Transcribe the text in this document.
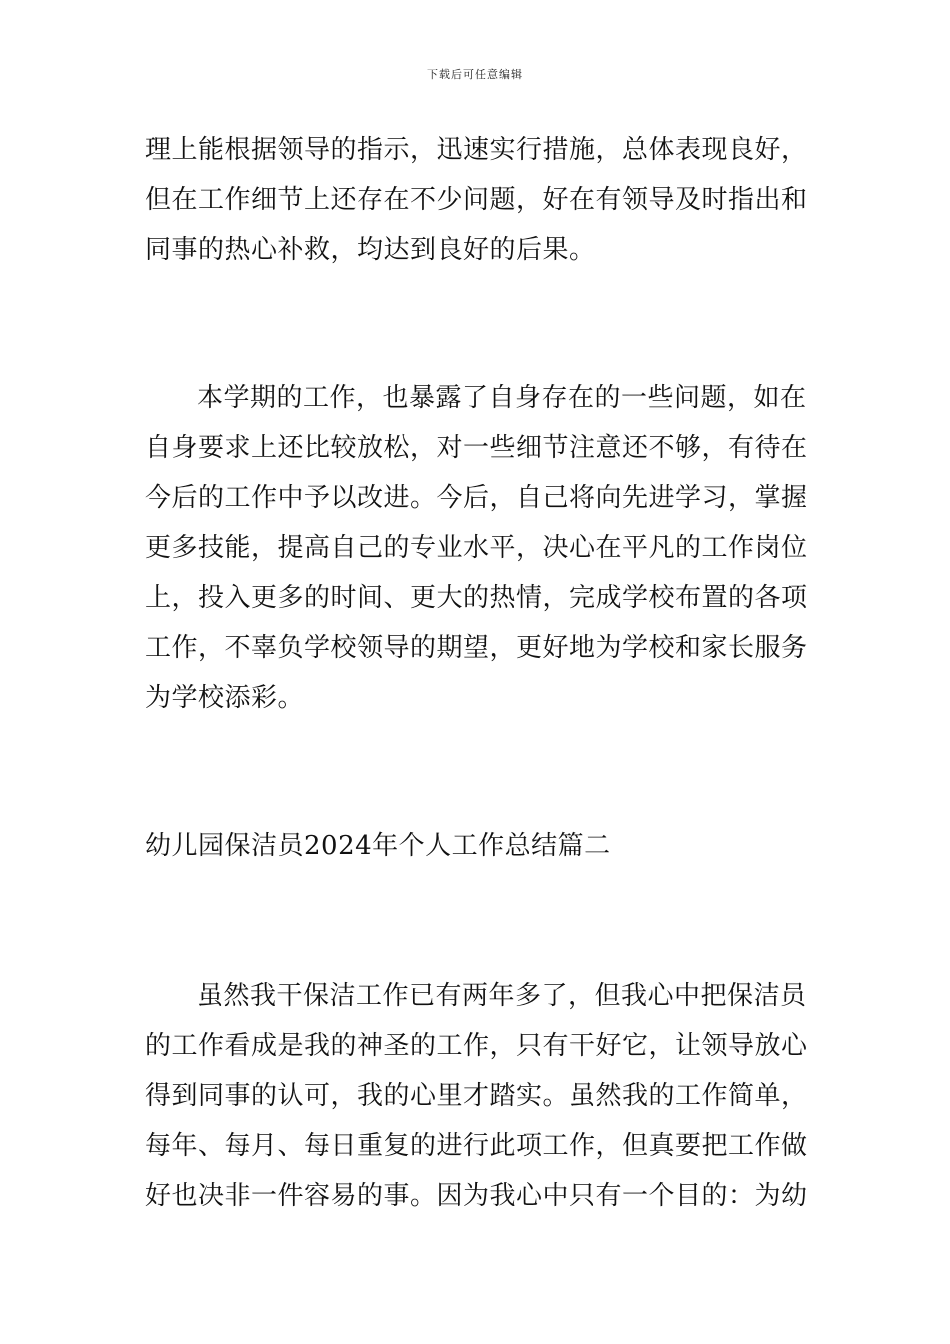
下载后可任意编辑
理上能根据领导的指示，迅速实行措施，总体表现良好，
但在工作细节上还存在不少问题，好在有领导及时指出和
同事的热心补救，均达到良好的后果。
本学期的工作，也暴露了自身存在的一些问题，如在
自身要求上还比较放松，对一些细节注意还不够，有待在
今后的工作中予以改进。今后，自己将向先进学习，掌握
更多技能，提高自己的专业水平，决心在平凡的工作岗位
上，投入更多的时间、更大的热情，完成学校布置的各项
工作，不辜负学校领导的期望，更好地为学校和家长服务
为学校添彩。
幼儿园保洁员2024年个人工作总结篇二
虽然我干保洁工作已有两年多了，但我心中把保洁员
的工作看成是我的神圣的工作，只有干好它，让领导放心
得到同事的认可，我的心里才踏实。虽然我的工作简单，
每年、每月、每日重复的进行此项工作，但真要把工作做
好也决非一件容易的事。因为我心中只有一个目的：为幼
